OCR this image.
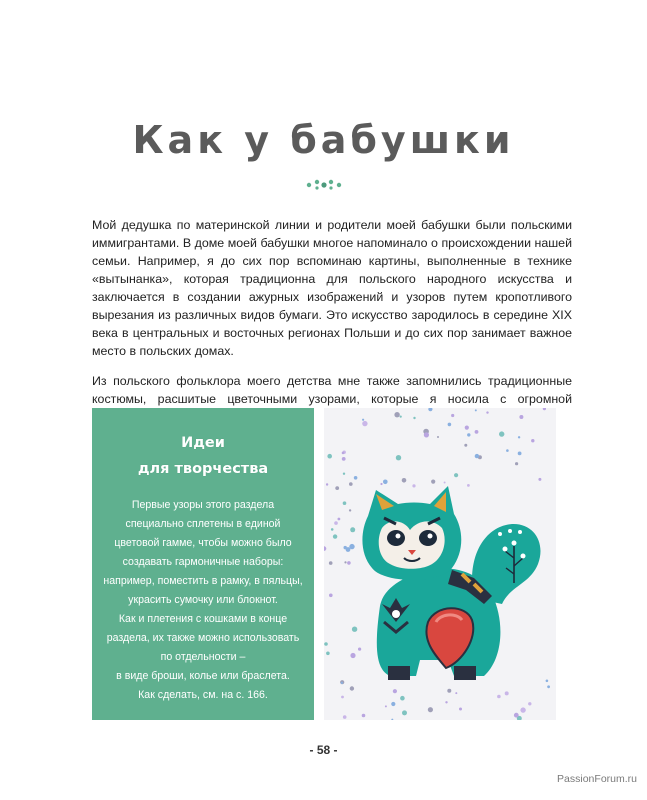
Как у бабушки

Мой дедушка по материнской линии и родители моей бабушки были польскими иммигрантами. В доме моей бабушки многое напоминало о происхождении нашей семьи. Например, я до сих пор вспоминаю картины, выполненные в технике «вытынанка», которая традиционна для польского народного искусства и заключается в создании ажурных изображений и узоров путем кропотливого вырезания из различных видов бумаги. Это искусство зародилось в середине XIX века в центральных и восточных регионах Польши и до сих пор занимает важное место в польских домах.

Из польского фольклора моего детства мне также запомнились традиционные костюмы, расшитые цветочными узорами, которые я носила с огромной

Идеи
для творчества
Первые узоры этого раздела
специально сплетены в единой
цветовой гамме, чтобы можно было
создавать гармоничные наборы:
например, поместить в рамку, в пяльцы,
украсить сумочку или блокнот.
Как и плетения с кошками в конце
раздела, их также можно использовать
по отдельности –
в виде броши, колье или браслета.
Как сделать, см. на с. 166.
- 58 -
PassionForum.ru
